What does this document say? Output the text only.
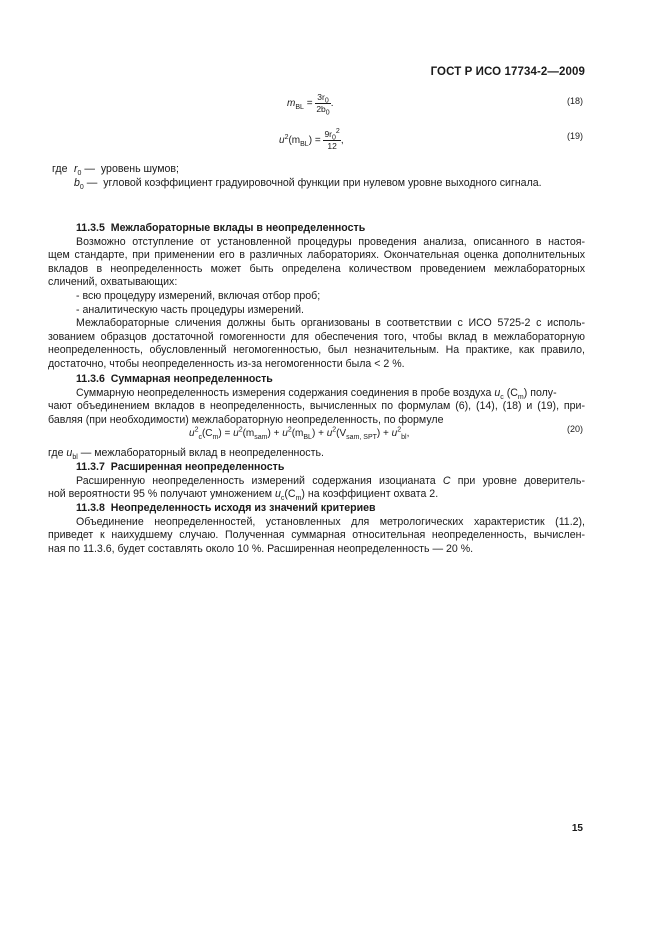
ГОСТ Р ИСО 17734-2—2009
$m_{BL} = \frac{3r_0}{2b_0}$ .	(18)
$u^2(m_{BL}) = \frac{9r_0^2}{12}$ ,	(19)
где $r_0$ — уровень шумов;
$b_0$ — угловой коэффициент градуировочной функции при нулевом уровне выходного сигнала.
11.3.5 Межлабораторные вклады в неопределенность
Возможно отступление от установленной процедуры проведения анализа, описанного в настоя-
щем стандарте, при применении его в различных лабораториях. Окончательная оценка дополнительных
вкладов в неопределенность может быть определена количеством проведением межлабораторных
сличений, охватывающих:
- всю процедуру измерений, включая отбор проб;
- аналитическую часть процедуры измерений.
Межлабораторные сличения должны быть организованы в соответствии с ИСО 5725-2 с исполь-
зованием образцов достаточной гомогенности для обеспечения того, чтобы вклад в межлабораторную
неопределенность, обусловленный негомогенностью, был незначительным. На практике, как правило,
достаточно, чтобы неопределенность из-за негомогенности была < 2 %.
11.3.6 Суммарная неопределенность
Суммарную неопределенность измерения содержания соединения в пробе воздуха $u_c$ $(C_m)$ полу-
чают объединением вкладов в неопределенность, вычисленных по формулам (6), (14), (18) и (19), при-
бавляя (при необходимости) межлабораторную неопределенность, по формуле
$u^2_c(C_m) = u^2(m_{sam}) + u^2(m_{BL}) + u^2(V_{sam, SPT}) + u^2_{bl}$,	(20)
где $u_{bl}$ — межлабораторный вклад в неопределенность.
11.3.7 Расширенная неопределенность
Расширенную неопределенность измерений содержания изоцианата C при уровне доверитель-
ной вероятности 95 % получают умножением $u_c(C_m)$ на коэффициент охвата 2.
11.3.8 Неопределенность исходя из значений критериев
Объединение неопределенностей, установленных для метрологических характеристик (11.2),
приведет к наихудшему случаю. Полученная суммарная относительная неопределенность, вычислен-
ная по 11.3.6, будет составлять около 10 %. Расширенная неопределенность — 20 %.
15
